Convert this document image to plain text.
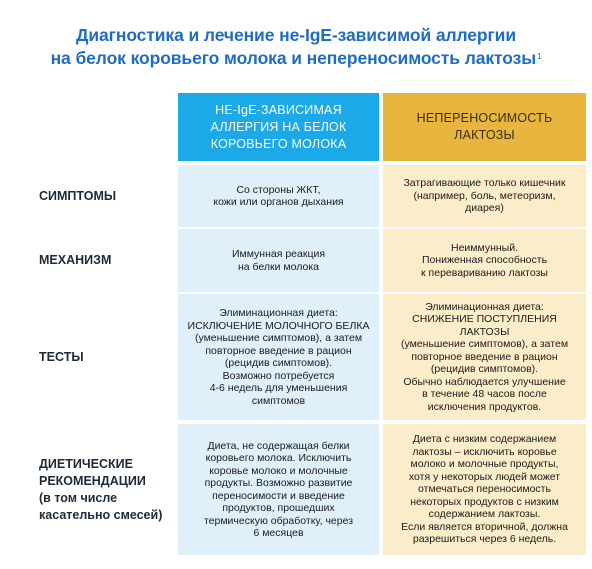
Диагностика и лечение не-IgE-зависимой аллергии
на белок коровьего молока и непереносимость лактозы$^1$
НЕ-IgE-ЗАВИСИМАЯ
АЛЛЕРГИЯ НА БЕЛОК
КОРОВЬЕГО МОЛОКА
НЕПЕРЕНОСИМОСТЬ
ЛАКТОЗЫ
СИМПТОМЫ	Со стороны ЖКТ,
кожи или органов дыхания
Затрагивающие только кишечник
(например, боль, метеоризм,
диарея)
МЕХАНИЗМ	Иммунная реакция
на белки молока
Неиммунный.
Пониженная способность
к перевариванию лактозы
ТЕСТЫ
Элиминационная диета:
ИСКЛЮЧЕНИЕ МОЛОЧНОГО БЕЛКА
(уменьшение симптомов), а затем
повторное введение в рацион
(рецидив симптомов).
Возможно потребуется
4-6 недель для уменьшения
симптомов
Элиминационная диета:
СНИЖЕНИЕ ПОСТУПЛЕНИЯ
ЛАКТОЗЫ
(уменьшение симптомов), а затем
повторное введение в рацион
(рецидив симптомов).
Обычно наблюдается улучшение
в течение 48 часов после
исключения продуктов.
ДИЕТИЧЕСКИЕ
РЕКОМЕНДАЦИИ
(в том числе
касательно смесей)
Диета, не содержащая белки
коровьего молока. Исключить
коровье молоко и молочные
продукты. Возможно развитие
переносимости и введение
продуктов, прошедших
термическую обработку, через
6 месяцев
Диета с низким содержанием
лактозы – исключить коровье
молоко и молочные продукты,
хотя у некоторых людей может
отмечаться переносимость
некоторых продуктов с низким
содержанием лактозы.
Если является вторичной, должна
разрешиться через 6 недель.
